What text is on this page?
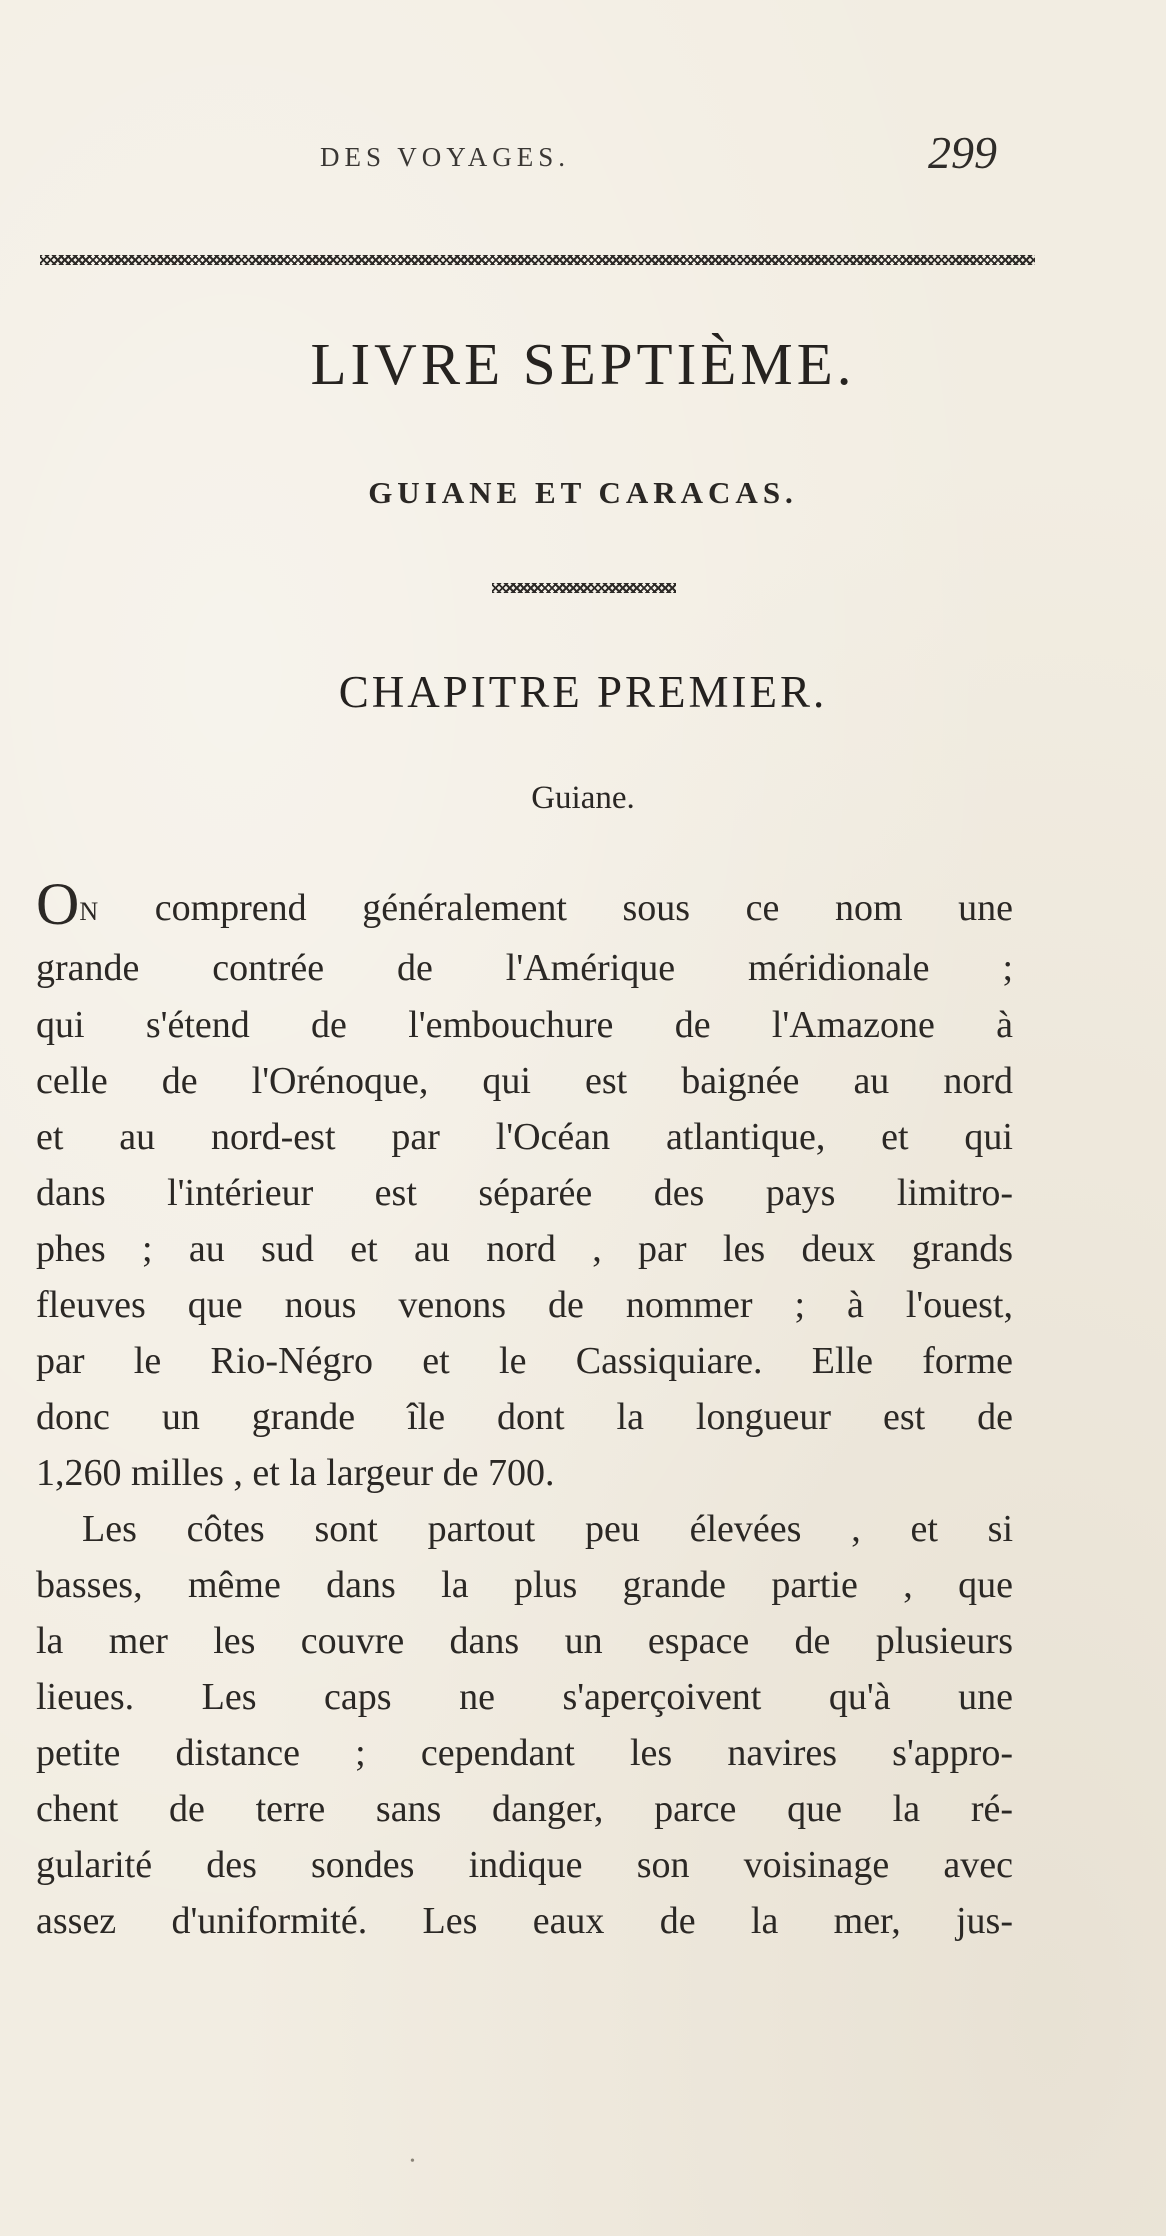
DES VOYAGES.	299
LIVRE SEPTIÈME.
GUIANE ET CARACAS.
CHAPITRE PREMIER.
Guiane.
ON comprend généralement sous ce nom une
grande contrée de l'Amérique méridionale ;
qui s'étend de l'embouchure de l'Amazone à
celle de l'Orénoque, qui est baignée au nord
et au nord-est par l'Océan atlantique, et qui
dans l'intérieur est séparée des pays limitro-
phes ; au sud et au nord , par les deux grands
fleuves que nous venons de nommer ; à l'ouest,
par le Rio-Négro et le Cassiquiare. Elle forme
donc un grande île dont la longueur est de
1,260 milles , et la largeur de 700.
Les côtes sont partout peu élevées , et si
basses, même dans la plus grande partie , que
la mer les couvre dans un espace de plusieurs
lieues. Les caps ne s'aperçoivent qu'à une
petite distance ; cependant les navires s'appro-
chent de terre sans danger, parce que la ré-
gularité des sondes indique son voisinage avec
assez d'uniformité. Les eaux de la mer, jus-
•
